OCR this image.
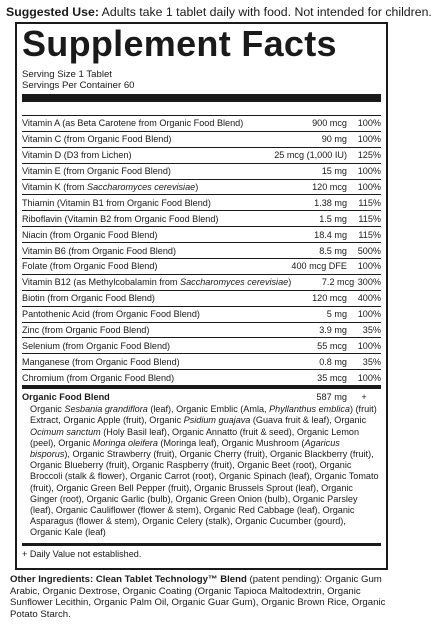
Suggested Use: Adults take 1 tablet daily with food. Not intended for children.
Supplement Facts
Serving Size 1 Tablet
Servings Per Container 60
Vitamin A (as Beta Carotene from Organic Food Blend)	900 mcg	100%
Vitamin C (from Organic Food Blend)	90 mg	100%
Vitamin D (D3 from Lichen)	25 mcg (1,000 IU)	125%
Vitamin E (from Organic Food Blend)	15 mg	100%
Vitamin K (from Saccharomyces cerevisiae)	120 mcg	100%
Thiamin (Vitamin B1 from Organic Food Blend)	1.38 mg	115%
Riboflavin (Vitamin B2 from Organic Food Blend)	1.5 mg	115%
Niacin (from Organic Food Blend)	18.4 mg	115%
Vitamin B6 (from Organic Food Blend)	8.5 mg	500%
Folate (from Organic Food Blend)	400 mcg DFE	100%
Vitamin B12 (as Methylcobalamin from Saccharomyces cerevisiae)	7.2 mcg 300%
Biotin (from Organic Food Blend)	120 mcg	400%
Pantothenic Acid (from Organic Food Blend)	5 mg	100%
Zinc (from Organic Food Blend)	3.9 mg	35%
Selenium (from Organic Food Blend)	55 mcg	100%
Manganese (from Organic Food Blend)	0.8 mg	35%
Chromium (from Organic Food Blend)	35 mcg	100%
Organic Food Blend	587 mg	+
Organic Sesbania grandiflora (leaf), Organic Emblic (Amla, Phyllanthus emblica) (fruit) Extract, Organic Apple (fruit), Organic Psidium guajava (Guava fruit & leaf), Organic Ocimum sanctum (Holy Basil leaf), Organic Annatto (fruit & seed), Organic Lemon (peel), Organic Moringa oleifera (Moringa leaf), Organic Mushroom (Agaricus bisporus), Organic Strawberry (fruit), Organic Cherry (fruit), Organic Blackberry (fruit), Organic Blueberry (fruit), Organic Raspberry (fruit), Organic Beet (root), Organic Broccoli (stalk & flower), Organic Carrot (root), Organic Spinach (leaf), Organic Tomato (fruit), Organic Green Bell Pepper (fruit), Organic Brussels Sprout (leaf), Organic Ginger (root), Organic Garlic (bulb), Organic Green Onion (bulb), Organic Parsley (leaf), Organic Cauliflower (flower & stem), Organic Red Cabbage (leaf), Organic Asparagus (flower & stem), Organic Celery (stalk), Organic Cucumber (gourd), Organic Kale (leaf)
+ Daily Value not established.
Other Ingredients: Clean Tablet Technology™ Blend (patent pending): Organic Gum Arabic, Organic Dextrose, Organic Coating (Organic Tapioca Maltodextrin, Organic Sunflower Lecithin, Organic Palm Oil, Organic Guar Gum), Organic Brown Rice, Organic Potato Starch.
